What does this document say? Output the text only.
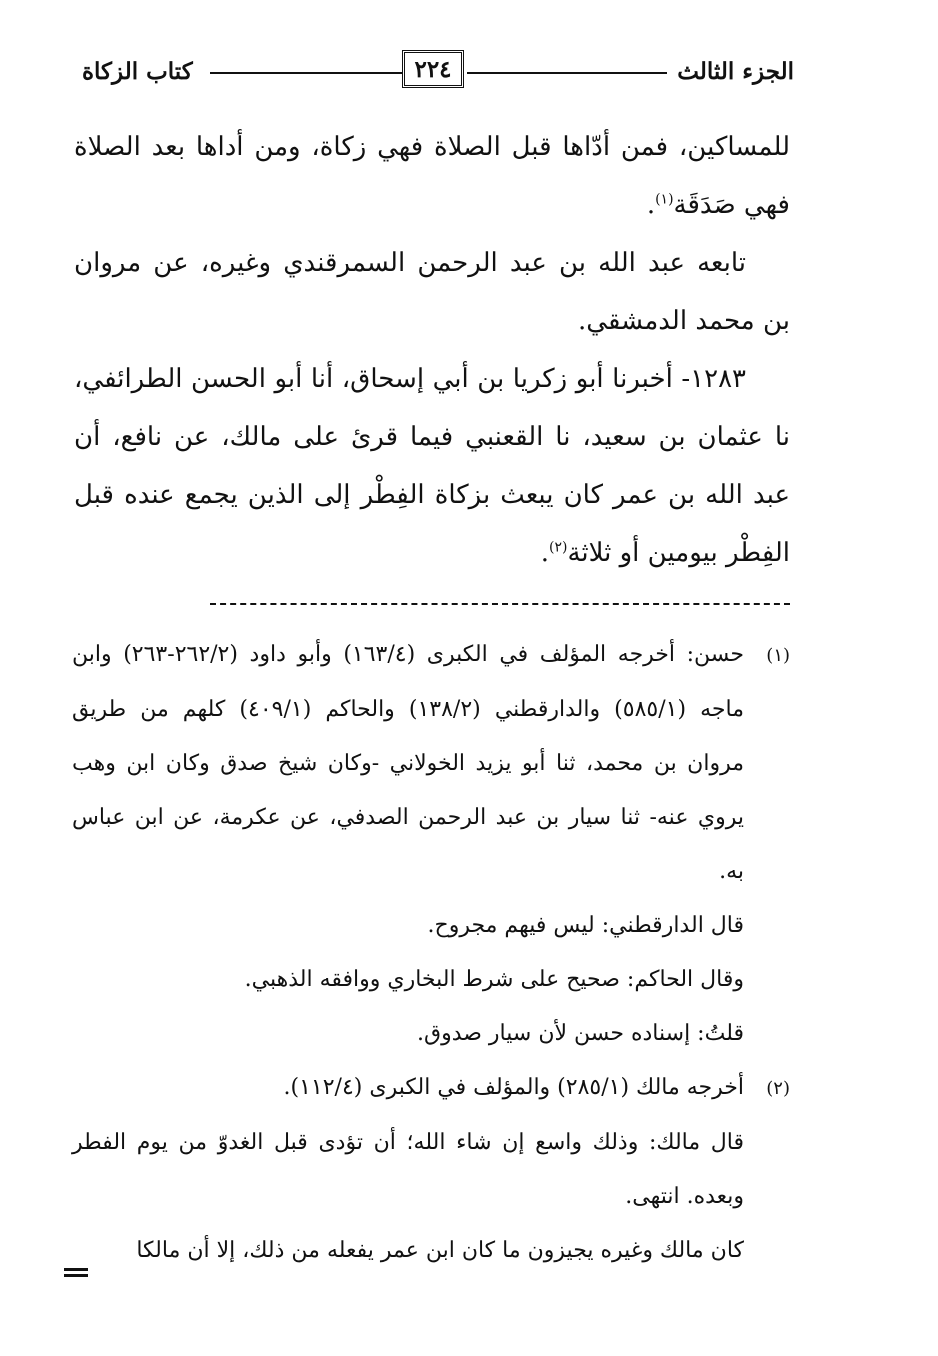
الجزء الثالث
كتاب الزكاة	٢٢٤

للمساكين، فمن أدّاها قبل الصلاة فهي زكاة، ومن أداها بعد الصلاة فهي صَدَقَة$^{(١)}$.

تابعه عبد الله بن عبد الرحمن السمرقندي وغيره، عن مروان بن محمد الدمشقي.

١٢٨٣- أخبرنا أبو زكريا بن أبي إسحاق، أنا أبو الحسن الطرائفي، نا عثمان بن سعيد، نا القعنبي فيما قرئ على مالك، عن نافع، أن عبد الله بن عمر كان يبعث بزكاة الفِطْر إلى الذين يجمع عنده قبل الفِطْر بيومين أو ثلاثة$^{(٢)}$.

(١)حسن: أخرجه المؤلف في الكبرى (١٦٣/٤) وأبو داود (٢٦٢/٢-٢٦٣) وابن ماجه (٥٨٥/١) والدارقطني (١٣٨/٢) والحاكم (٤٠٩/١) كلهم من طريق مروان بن محمد، ثنا أبو يزيد الخولاني -وكان شيخ صدق وكان ابن وهب يروي عنه- ثنا سيار بن عبد الرحمن الصدفي، عن عكرمة، عن ابن عباس به.

قال الدارقطني: ليس فيهم مجروح.

وقال الحاكم: صحيح على شرط البخاري ووافقه الذهبي.

قلتُ: إسناده حسن لأن سيار صدوق.

(٢)أخرجه مالك (٢٨٥/١) والمؤلف في الكبرى (١١٢/٤).

قال مالك: وذلك واسع إن شاء الله؛ أن تؤدى قبل الغدوّ من يوم الفطر وبعده. انتهى.

كان مالك وغيره يجيزون ما كان ابن عمر يفعله من ذلك، إلا أن مالكا
